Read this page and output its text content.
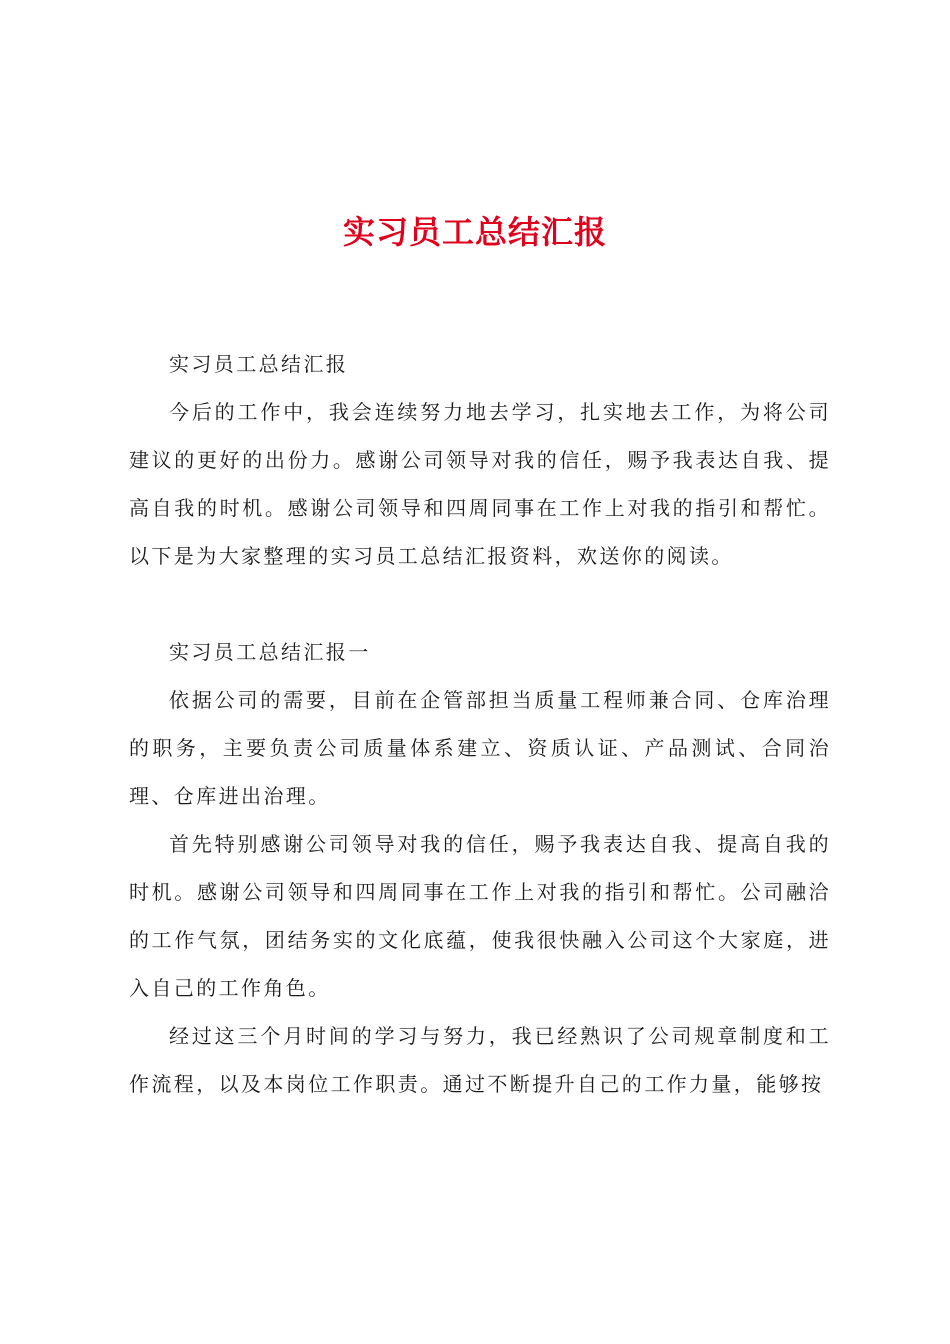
实习员工总结汇报

实习员工总结汇报

今后的工作中，我会连续努力地去学习，扎实地去工作，为将公司建议的更好的出份力。感谢公司领导对我的信任，赐予我表达自我、提高自我的时机。感谢公司领导和四周同事在工作上对我的指引和帮忙。以下是为大家整理的实习员工总结汇报资料，欢送你的阅读。

实习员工总结汇报一

依据公司的需要，目前在企管部担当质量工程师兼合同、仓库治理的职务，主要负责公司质量体系建立、资质认证、产品测试、合同治理、仓库进出治理。

首先特别感谢公司领导对我的信任，赐予我表达自我、提高自我的时机。感谢公司领导和四周同事在工作上对我的指引和帮忙。公司融洽的工作气氛，团结务实的文化底蕴，使我很快融入公司这个大家庭，进入自己的工作角色。

经过这三个月时间的学习与努力，我已经熟识了公司规章制度和工作流程，以及本岗位工作职责。通过不断提升自己的工作力量，能够按
